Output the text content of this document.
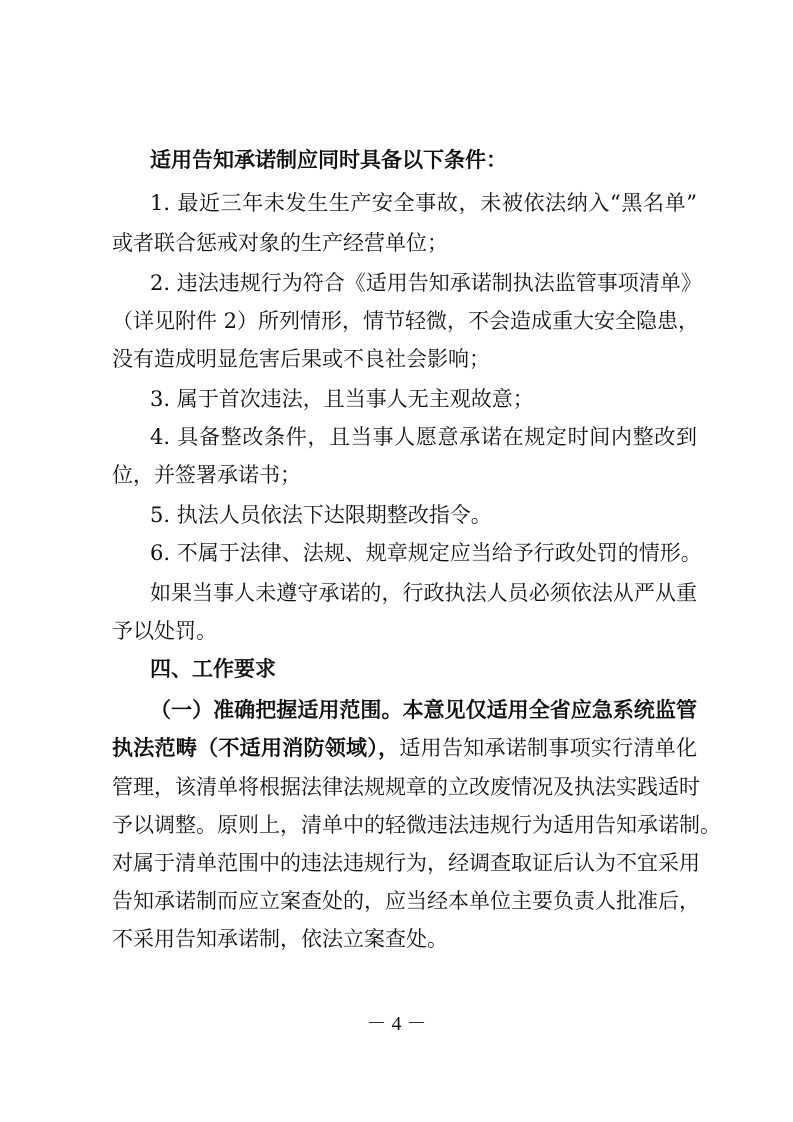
适用告知承诺制应同时具备以下条件：
1. 最近三年未发生生产安全事故，未被依法纳入“黑名单”
或者联合惩戒对象的生产经营单位；
2. 违法违规行为符合《适用告知承诺制执法监管事项清单》
（详见附件 2）所列情形，情节轻微，不会造成重大安全隐患，
没有造成明显危害后果或不良社会影响；
3. 属于首次违法，且当事人无主观故意；
4. 具备整改条件，且当事人愿意承诺在规定时间内整改到
位，并签署承诺书；
5. 执法人员依法下达限期整改指令。
6. 不属于法律、法规、规章规定应当给予行政处罚的情形。
如果当事人未遵守承诺的，行政执法人员必须依法从严从重
予以处罚。
四、工作要求
（一）准确把握适用范围。本意见仅适用全省应急系统监管
执法范畴（不适用消防领域），适用告知承诺制事项实行清单化
管理，该清单将根据法律法规规章的立改废情况及执法实践适时
予以调整。原则上，清单中的轻微违法违规行为适用告知承诺制。
对属于清单范围中的违法违规行为，经调查取证后认为不宜采用
告知承诺制而应立案查处的，应当经本单位主要负责人批准后，
不采用告知承诺制，依法立案查处。
－ 4 －
